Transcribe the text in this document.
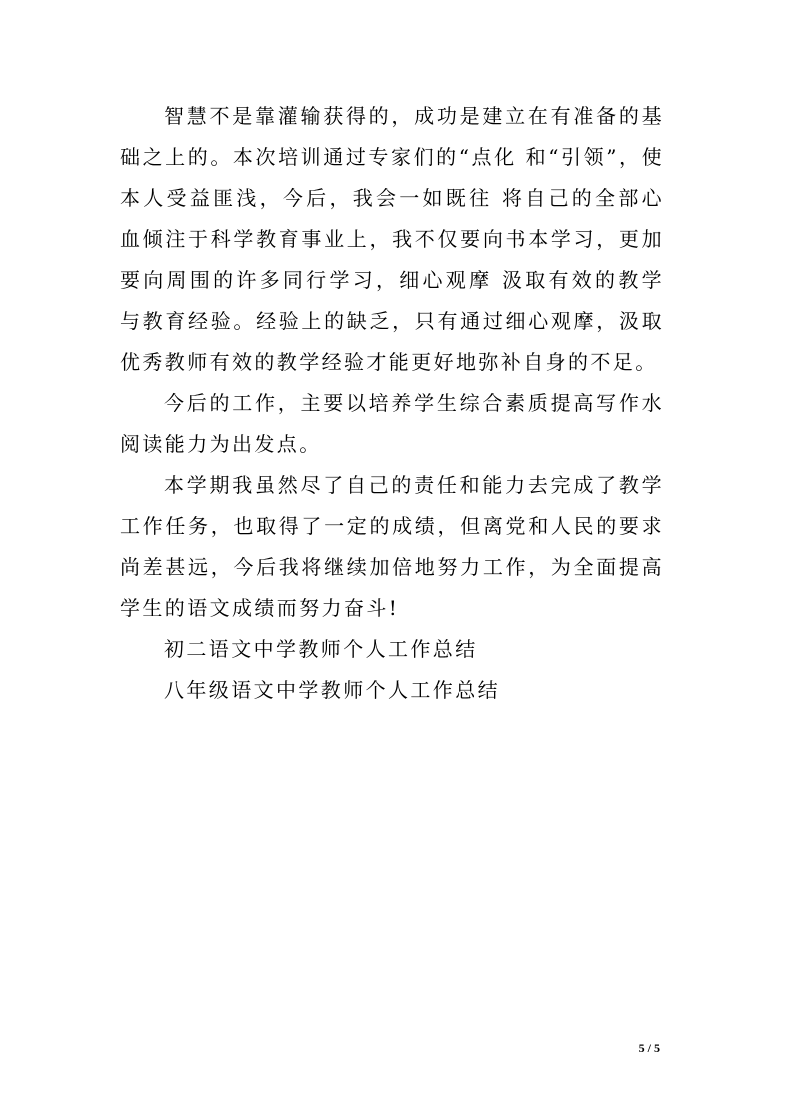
智慧不是靠灌输获得的，成功是建立在有准备的基础之上的。本次培训通过专家们的“点化 和“引领”，使本人受益匪浅，今后，我会一如既往 将自己的全部心血倾注于科学教育事业上，我不仅要向书本学习，更加要向周围的许多同行学习，细心观摩 汲取有效的教学与教育经验。经验上的缺乏，只有通过细心观摩，汲取优秀教师有效的教学经验才能更好地弥补自身的不足。

今后的工作，主要以培养学生综合素质提高写作水阅读能力为出发点。

本学期我虽然尽了自己的责任和能力去完成了教学工作任务，也取得了一定的成绩，但离党和人民的要求尚差甚远，今后我将继续加倍地努力工作，为全面提高学生的语文成绩而努力奋斗!

初二语文中学教师个人工作总结

八年级语文中学教师个人工作总结

5 / 5
